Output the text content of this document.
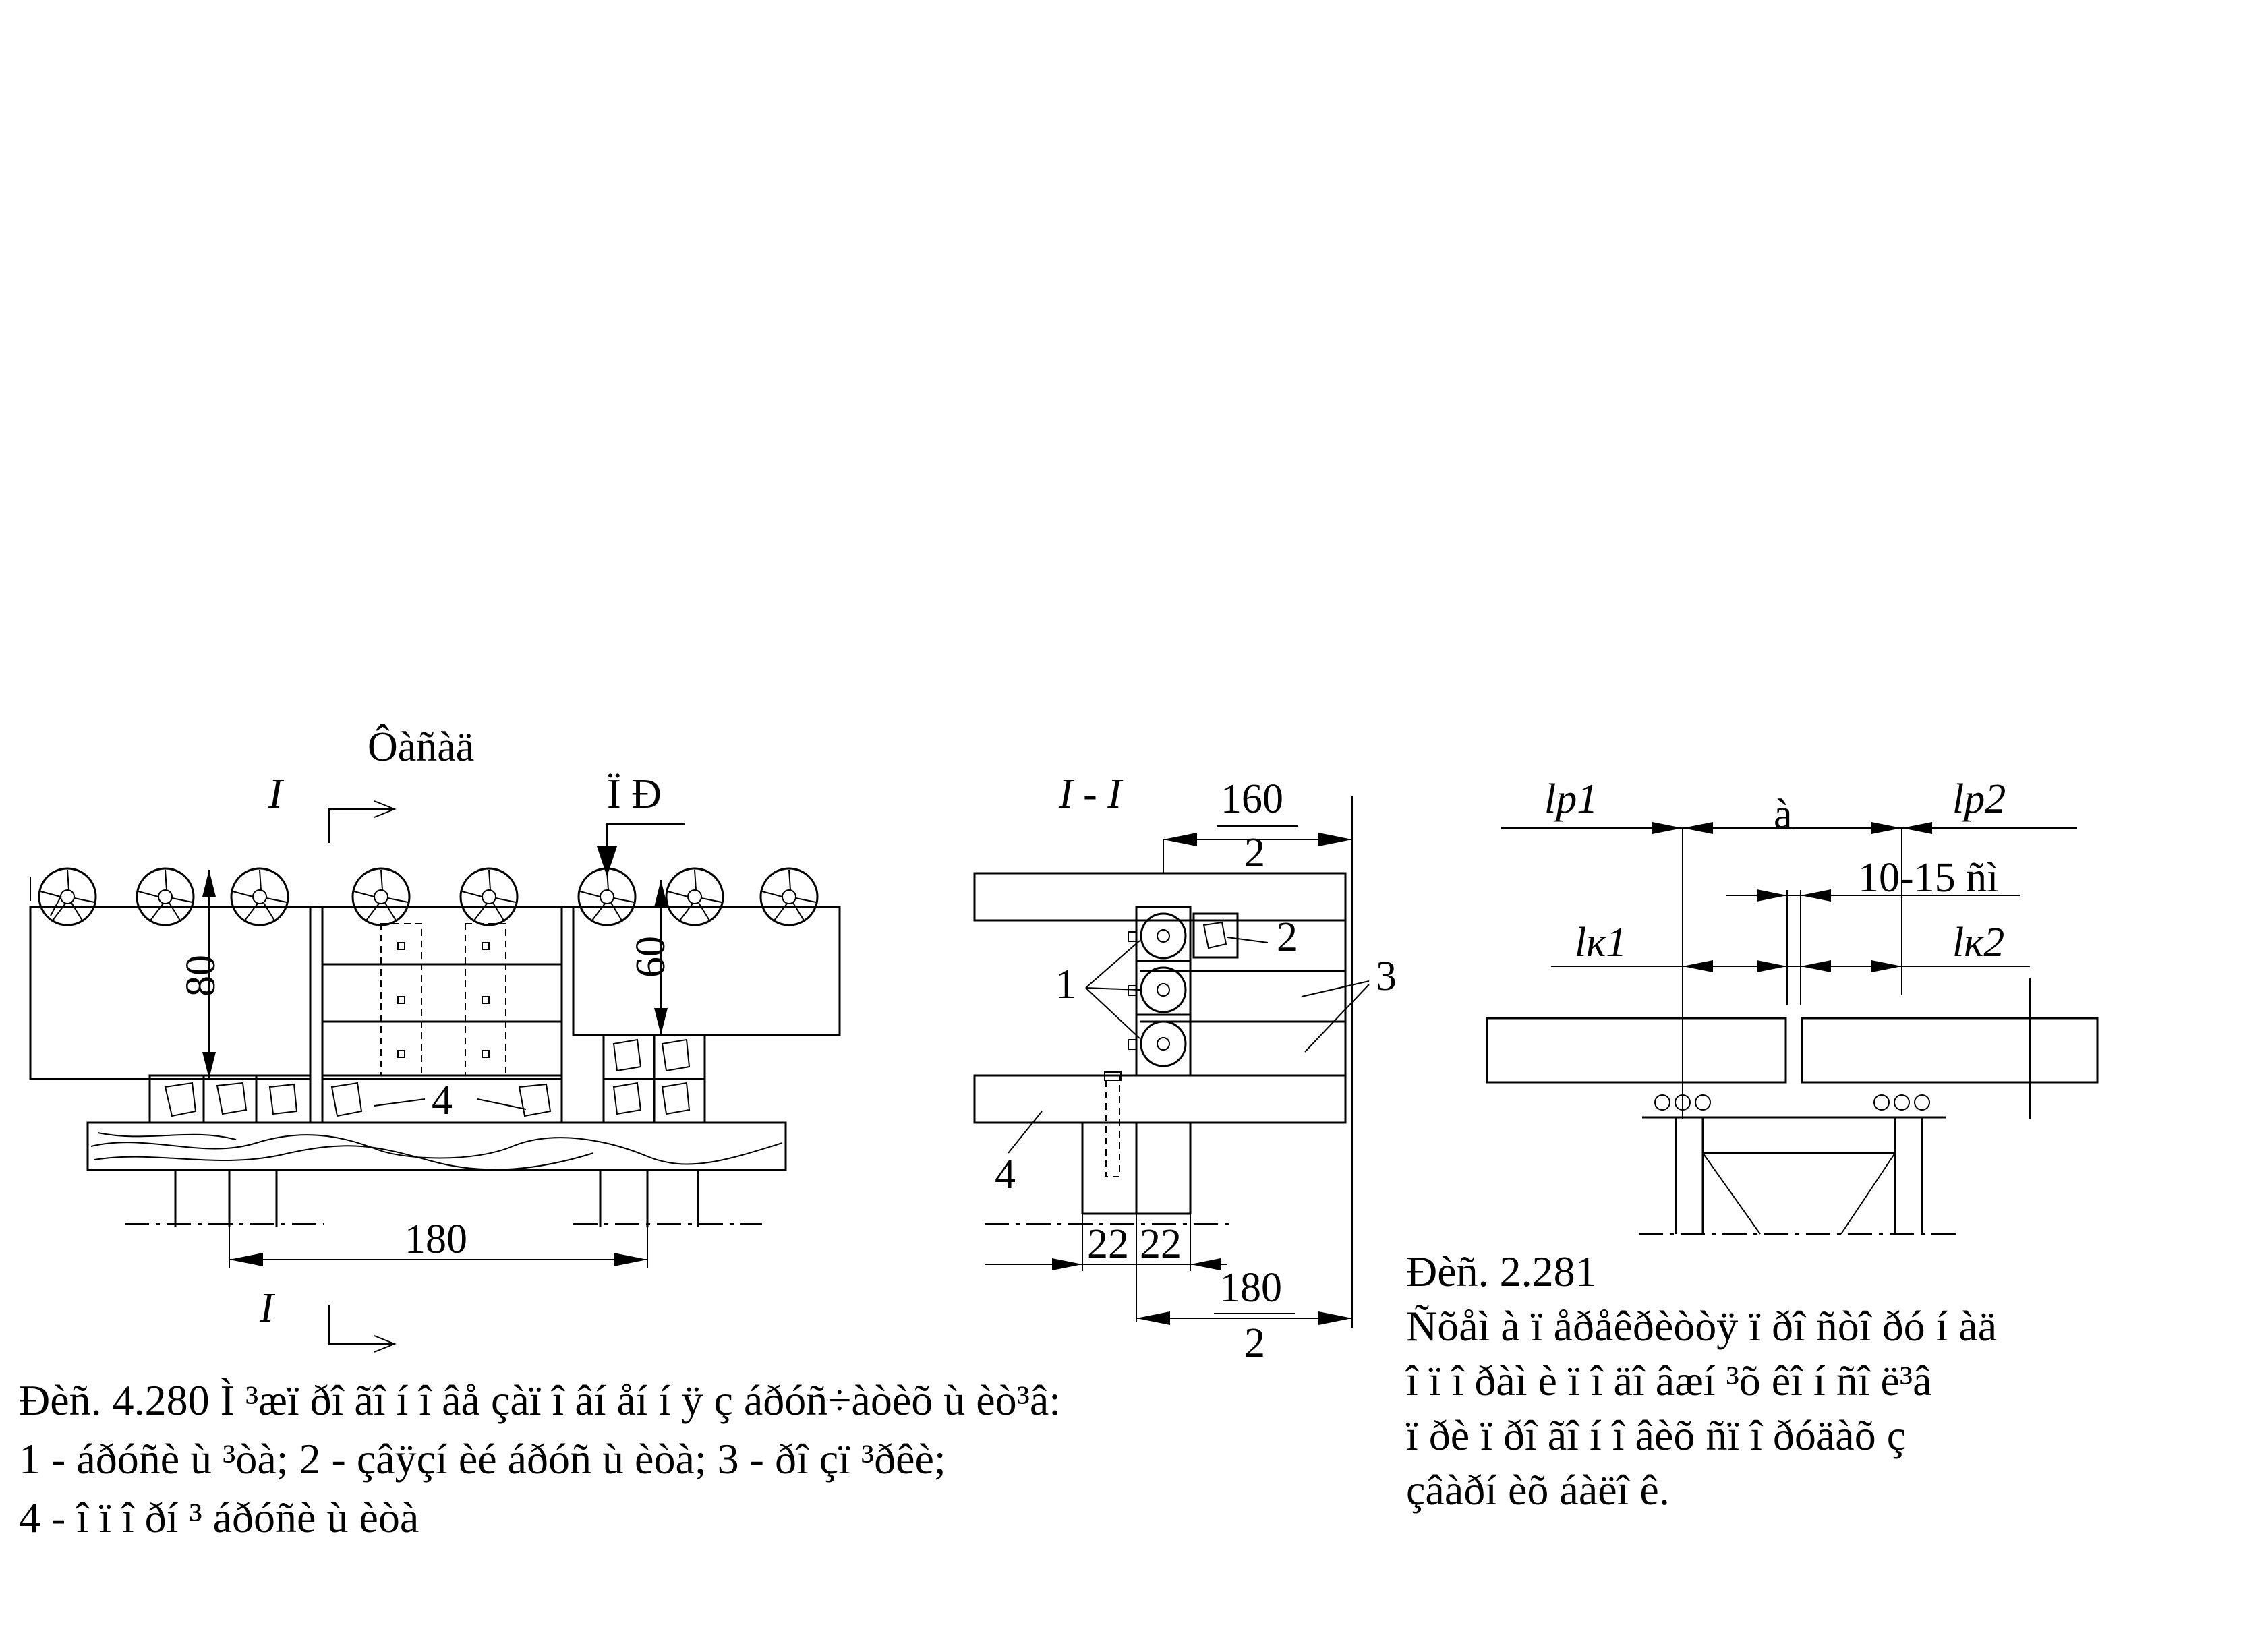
Ôàñàä
I
I
Ï Ð
4
80	60
180
Ðèñ. 4.280 Ì ³æï ðî ãî í î âå çàï î âí åí í ÿ ç áðóñ÷àòèõ ù èò³â:
1 - áðóñè ù ³òà; 2 - çâÿçí èé áðóñ ù èòà; 3 - ðî çï ³ðêè;
4 - î ï î ðí ³ áðóñè ù èòà
I - I
1
2
3
4
160
2
22 22
180
2
lp1	à	lp2
10-15 ñì
lк1	lк2
Ðèñ. 2.281
Ñõåì à ï åðåêðèòòÿ ï ðî ñòî ðó í àä
î ï î ðàì è ï î äî âæí ³õ êî í ñî ë³â
ï ðè ï ðî ãî í î âèõ ñï î ðóäàõ ç
çâàðí èõ áàëî ê.
